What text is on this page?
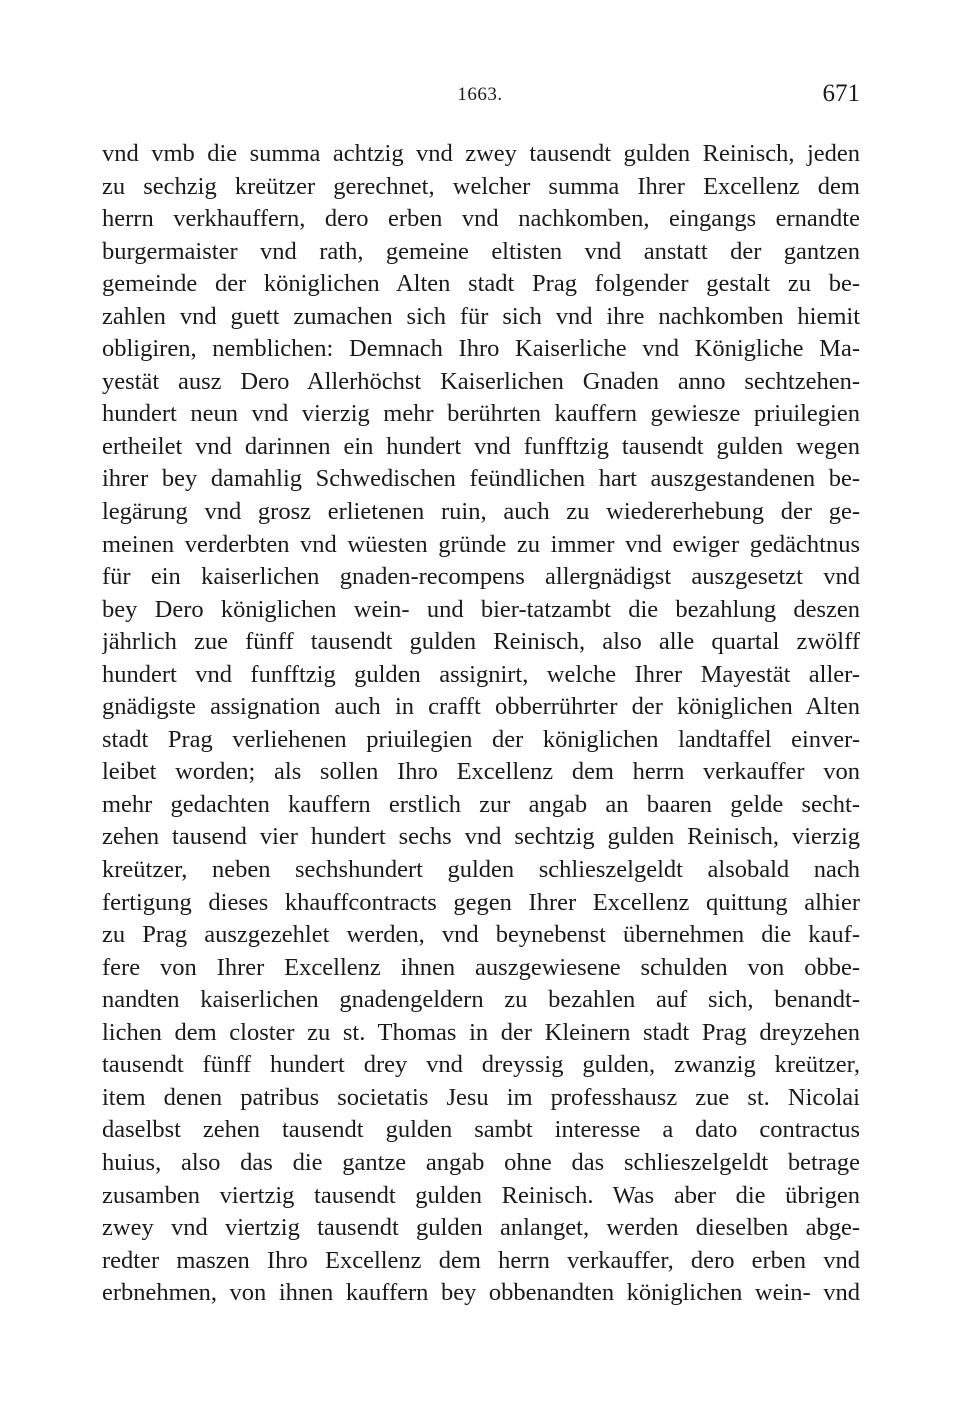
1663.	671
vnd vmb die summa achtzig vnd zwey tausendt gulden Reinisch, jeden
zu sechzig kreützer gerechnet, welcher summa Ihrer Excellenz dem
herrn verkhauffern, dero erben vnd nachkomben, eingangs ernandte
burgermaister vnd rath, gemeine eltisten vnd anstatt der gantzen
gemeinde der königlichen Alten stadt Prag folgender gestalt zu be-
zahlen vnd guett zumachen sich für sich vnd ihre nachkomben hiemit
obligiren, nemblichen: Demnach Ihro Kaiserliche vnd Königliche Ma-
yestät ausz Dero Allerhöchst Kaiserlichen Gnaden anno sechtzehen-
hundert neun vnd vierzig mehr berührten kauffern gewiesze priuilegien
ertheilet vnd darinnen ein hundert vnd funfftzig tausendt gulden wegen
ihrer bey damahlig Schwedischen feündlichen hart auszgestandenen be-
legärung vnd grosz erlietenen ruin, auch zu wiedererhebung der ge-
meinen verderbten vnd wüesten gründe zu immer vnd ewiger gedächtnus
für ein kaiserlichen gnaden-recompens allergnädigst auszgesetzt vnd
bey Dero königlichen wein- und bier-tatzambt die bezahlung deszen
jährlich zue fünff tausendt gulden Reinisch, also alle quartal zwölff
hundert vnd funfftzig gulden assignirt, welche Ihrer Mayestät aller-
gnädigste assignation auch in crafft obberrührter der königlichen Alten
stadt Prag verliehenen priuilegien der königlichen landtaffel einver-
leibet worden; als sollen Ihro Excellenz dem herrn verkauffer von
mehr gedachten kauffern erstlich zur angab an baaren gelde secht-
zehen tausend vier hundert sechs vnd sechtzig gulden Reinisch, vierzig
kreützer, neben sechshundert gulden schlieszelgeldt alsobald nach
fertigung dieses khauffcontracts gegen Ihrer Excellenz quittung alhier
zu Prag auszgezehlet werden, vnd beynebenst übernehmen die kauf-
fere von Ihrer Excellenz ihnen auszgewiesene schulden von obbe-
nandten kaiserlichen gnadengeldern zu bezahlen auf sich, benandt-
lichen dem closter zu st. Thomas in der Kleinern stadt Prag dreyzehen
tausendt fünff hundert drey vnd dreyssig gulden, zwanzig kreützer,
item denen patribus societatis Jesu im professhausz zue st. Nicolai
daselbst zehen tausendt gulden sambt interesse a dato contractus
huius, also das die gantze angab ohne das schlieszelgeldt betrage
zusamben viertzig tausendt gulden Reinisch. Was aber die übrigen
zwey vnd viertzig tausendt gulden anlanget, werden dieselben abge-
redter maszen Ihro Excellenz dem herrn verkauffer, dero erben vnd
erbnehmen, von ihnen kauffern bey obbenandten königlichen wein- vnd
